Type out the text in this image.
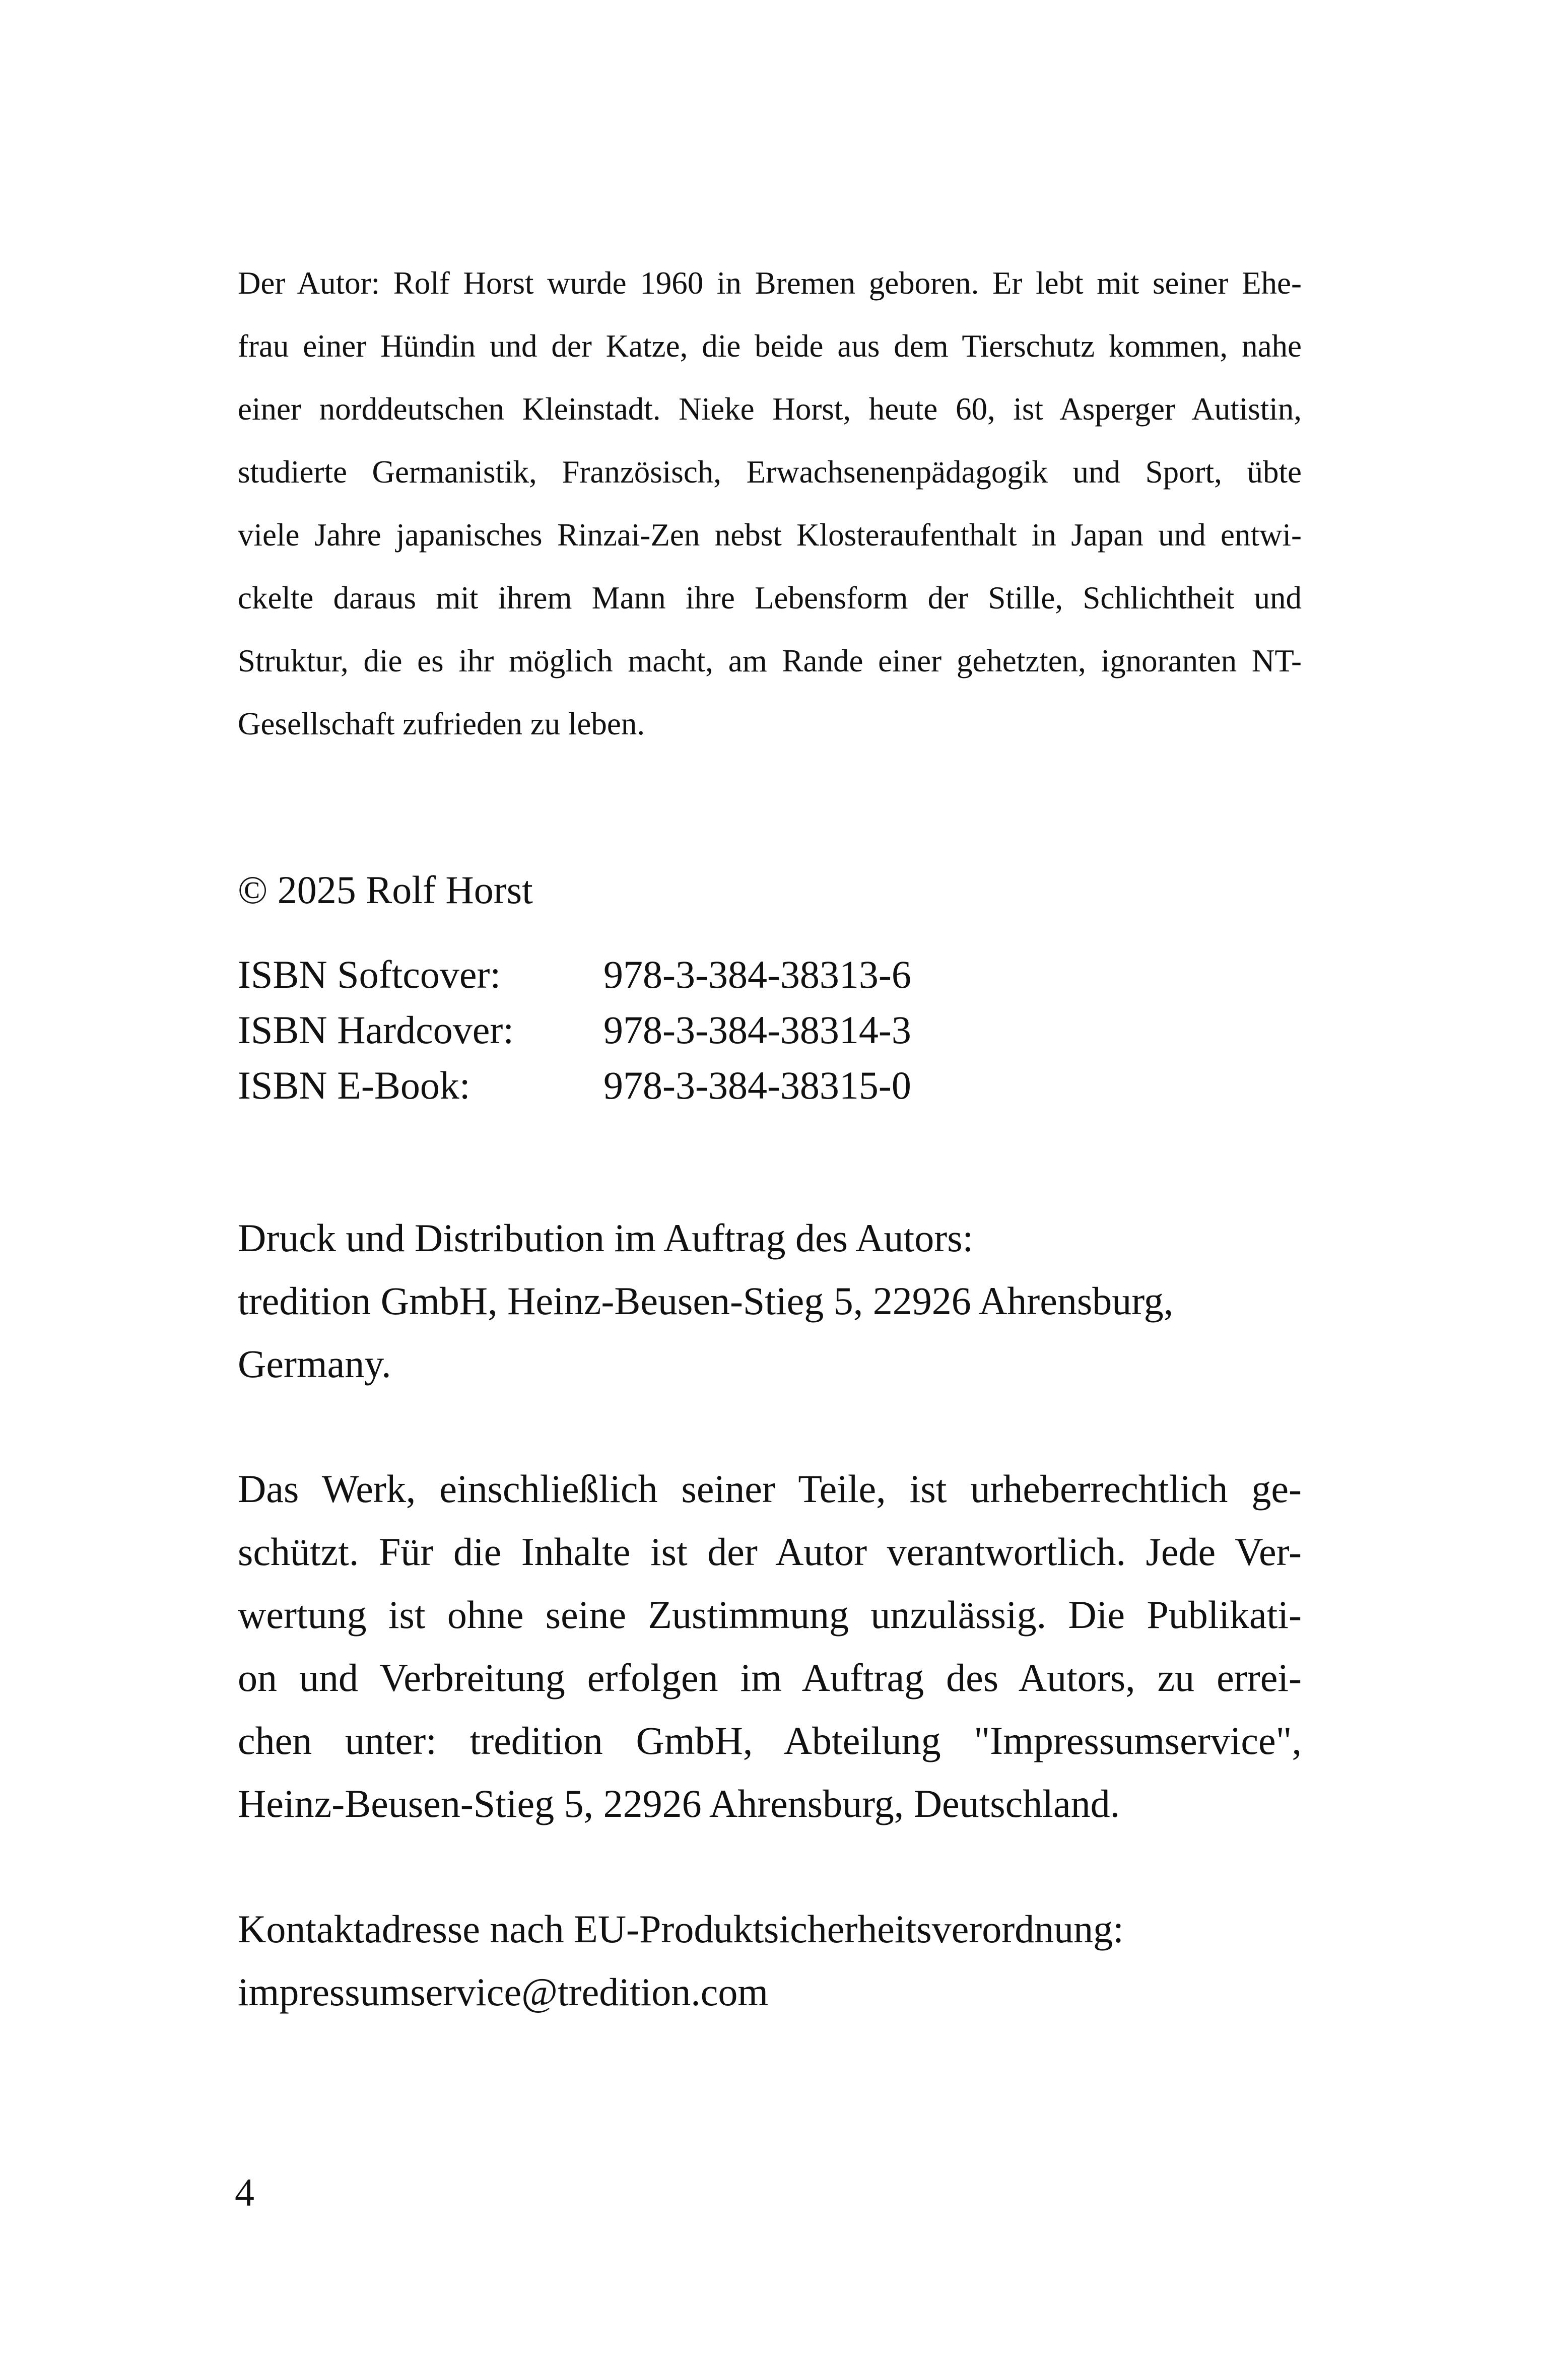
Der Autor: Rolf Horst wurde 1960 in Bremen geboren. Er lebt mit seiner Ehe-
frau einer Hündin und der Katze, die beide aus dem Tierschutz kommen, nahe
einer norddeutschen Kleinstadt. Nieke Horst, heute 60, ist Asperger Autistin,
studierte Germanistik, Französisch, Erwachsenenpädagogik und Sport, übte
viele Jahre japanisches Rinzai-Zen nebst Klosteraufenthalt in Japan und entwi-
ckelte daraus mit ihrem Mann ihre Lebensform der Stille, Schlichtheit und
Struktur, die es ihr möglich macht, am Rande einer gehetzten, ignoranten NT-
Gesellschaft zufrieden zu leben.
© 2025 Rolf Horst
ISBN Softcover:	978-3-384-38313-6
ISBN Hardcover: 978-3-384-38314-3
ISBN E-Book:	978-3-384-38315-0
Druck und Distribution im Auftrag des Autors:
tredition GmbH, Heinz-Beusen-Stieg 5, 22926 Ahrensburg,
Germany.
Das Werk, einschließlich seiner Teile, ist urheberrechtlich ge-
schützt. Für die Inhalte ist der Autor verantwortlich. Jede Ver-
wertung ist ohne seine Zustimmung unzulässig. Die Publikati-
on und Verbreitung erfolgen im Auftrag des Autors, zu errei-
chen unter: tredition GmbH, Abteilung "Impressumservice",
Heinz-Beusen-Stieg 5, 22926 Ahrensburg, Deutschland.
Kontaktadresse nach EU-Produktsicherheitsverordnung:
impressumservice@tredition.com
4
